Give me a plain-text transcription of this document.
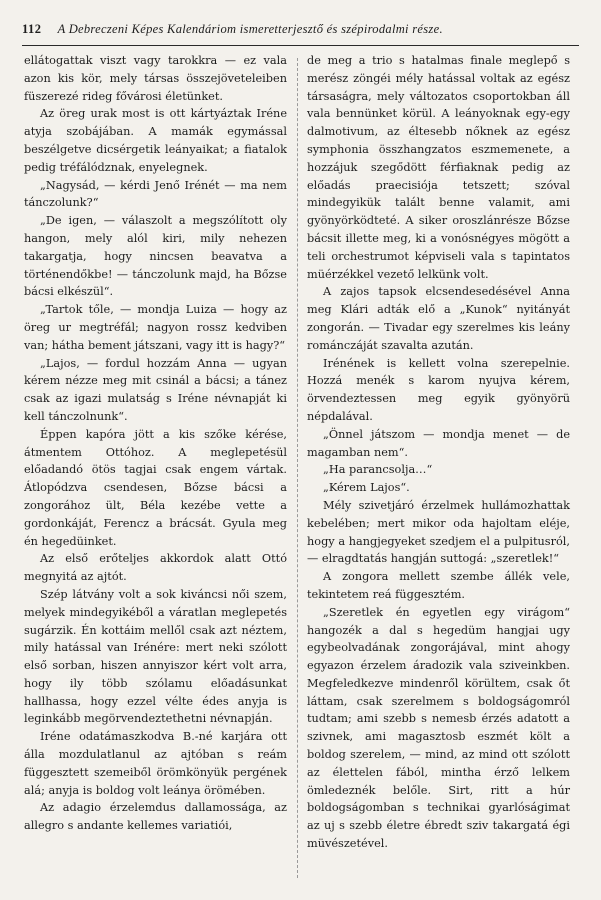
112 A Debreczeni Képes Kalendáriom ismeretterjesztő és szépirodalmi része.

ellátogattak viszt vagy tarokkra — ez vala azon kis kör, mely társas összejöveteleiben füszerezé rideg fővárosi életünket.

Az öreg urak most is ott kártyáztak Iréne atyja szobájában. A mamák egymással beszélgetve dicsérgetik leányaikat; a fiatalok pedig tréfálódznak, enyelegnek.

„Nagysád, — kérdi Jenő Irénét — ma nem tánczolunk?“

„De igen, — válaszolt a megszólított oly hangon, mely alól kiri, mily nehezen takargatja, hogy nincsen beavatva a történendőkbe! — tánczolunk majd, ha Bőzse bácsi elkészül“.

„Tartok tőle, — mondja Luiza — hogy az öreg ur megtréfál; nagyon rossz kedviben van; hátha bement játszani, vagy itt is hagy?“

„Lajos, — fordul hozzám Anna — ugyan kérem nézze meg mit csinál a bácsi; a tánez csak az igazi mulatság s Iréne névnapját ki kell tánczolnunk“.

Éppen kapóra jött a kis szőke kérése, átmentem Ottóhoz. A meglepetésül előadandó ötös tagjai csak engem vártak. Átlopódzva csendesen, Bőzse bácsi a zongorához ült, Béla kezébe vette a gordonkáját, Ferencz a brácsát. Gyula meg én hegedüinket.

Az első erőteljes akkordok alatt Ottó megnyitá az ajtót.

Szép látvány volt a sok kiváncsi női szem, melyek mindegyikéből a váratlan meglepetés sugárzik. Én kottáim mellől csak azt néztem, mily hatással van Irénére: mert neki szólott első sorban, hiszen annyiszor kért volt arra, hogy ily több szólamu előadásunkat hallhassa, hogy ezzel vélte édes anyja is leginkább megörvendeztethetni névnapján.

Iréne odatámaszkodva B.-né karjára ott álla mozdulatlanul az ajtóban s reám függesztett szemeiből örömkönyük pergének alá; anyja is boldog volt leánya örömében.

Az adagio érzelemdus dallamossága, az allegro s andante kellemes variatiói,

de meg a trio s hatalmas finale meglepő s merész zöngéi mély hatással voltak az egész társaságra, mely változatos csoportokban áll vala bennünket körül. A leányoknak egy-egy dalmotivum, az éltesebb nőknek az egész symphonia összhangzatos eszmemenete, a hozzájuk szegődött férfiaknak pedig az előadás praecisiója tetszett; szóval mindegyikük talált benne valamit, ami gyönyörködteté. A siker oroszlánrésze Bőzse bácsit illette meg, ki a vonósnégyes mögött a teli orchestrumot képviseli vala s tapintatos müérzékkel vezető lelkünk volt.

A zajos tapsok elcsendesedésével Anna meg Klári adták elő a „Kunok“ nyitányát zongorán. — Tivadar egy szerelmes kis leány románczáját szavalta azután.

Irénének is kellett volna szerepelnie. Hozzá menék s karom nyujva kérem, örvendeztessen meg egyik gyönyörü népdalával.

„Önnel játszom — mondja menet — de magamban nem“.

„Ha parancsolja…“

„Kérem Lajos“.

Mély szivetjáró érzelmek hullámozhattak kebelében; mert mikor oda hajoltam eléje, hogy a hangjegyeket szedjem el a pulpitusról, — elragdtatás hangján suttogá: „szeretlek!“

A zongora mellett szembe állék vele, tekintetem reá függesztém.

„Szeretlek én egyetlen egy virágom“ hangozék a dal s hegedüm hangjai ugy egybeolvadának zongorájával, mint ahogy egyazon érzelem áradozik vala sziveinkben. Megfeledkezve mindenről körültem, csak őt láttam, csak szerelmem s boldogságomról tudtam; ami szebb s nemesb érzés adatott a szivnek, ami magasztosb eszmét költ a boldog szerelem, — mind, az mind ott szólott az élettelen fából, mintha érző lelkem ömledeznék belőle. Sirt, ritt a húr boldogságomban s technikai gyarlóságimat az uj s szebb életre ébredt sziv takargatá égi müvészetével.
